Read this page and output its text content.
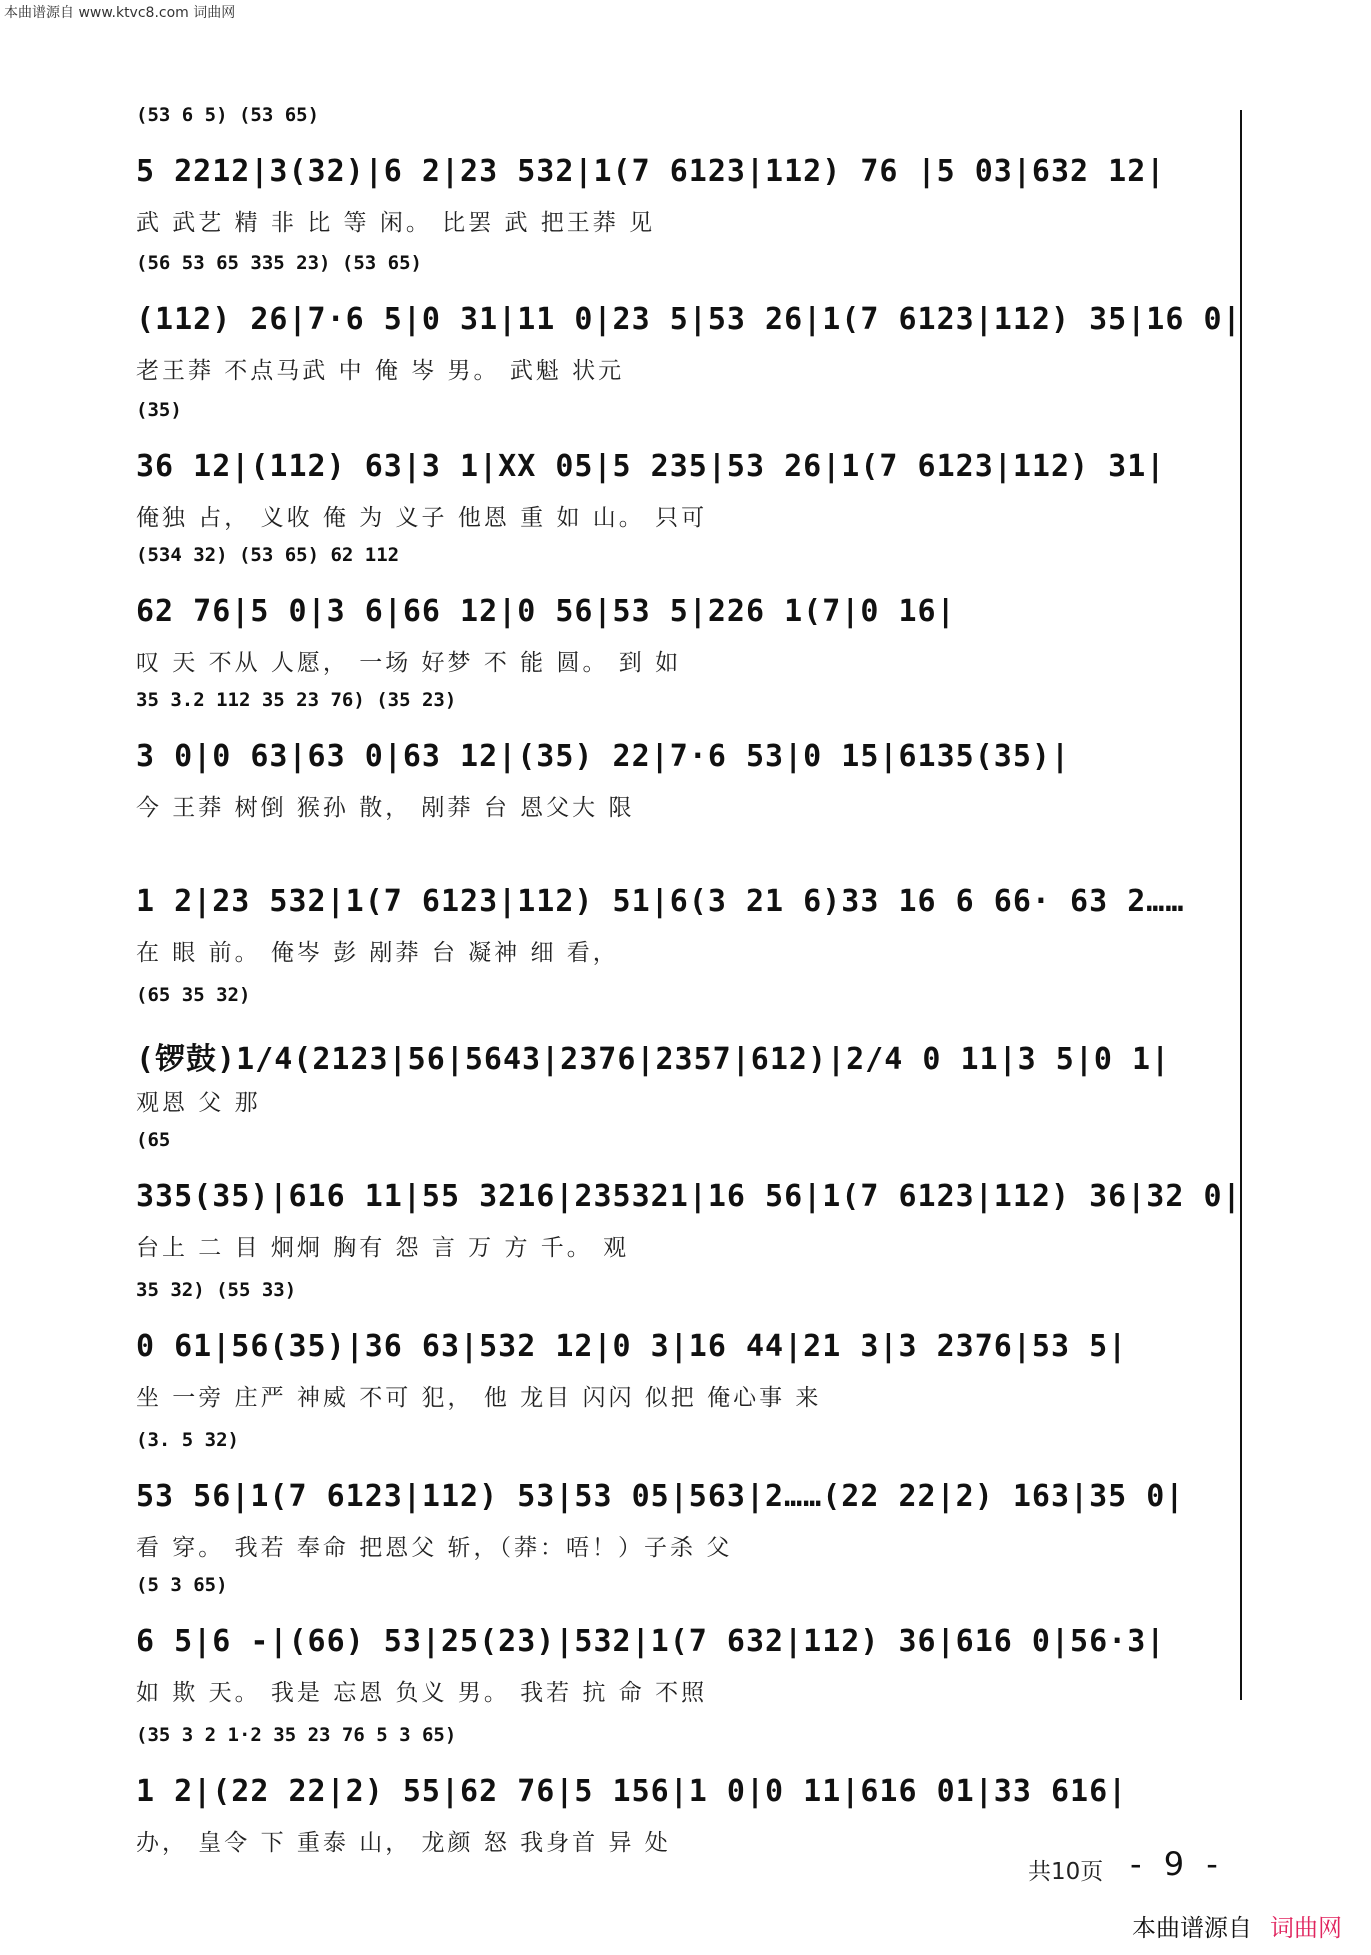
本曲谱源自 www.ktvc8.com 词曲网
(53 6 5) (53 65)
5 2212|3(32)|6 2|23 532|1(7 6123|112) 76 |5 03|632 12|
武 武艺 精 非 比 等 闲。 比罢 武 把王莽 见
(56 53 65 335 23) (53 65)
(112) 26|7·6 5|0 31|11 0|23 5|53 26|1(7 6123|112) 35|16 0|
老王莽 不点马武 中 俺 岑 男。 武魁 状元
(35)
36 12|(112) 63|3 1|XX 05|5 235|53 26|1(7 6123|112) 31|
俺独 占， 义收 俺 为 义子 他恩 重 如 山。 只可
(534 32) (53 65) 62 112
62 76|5 0|3 6|66 12|0 56|53 5|226 1(7|0 16|
叹 天 不从 人愿， 一场 好梦 不 能 圆。 到 如
35 3.2 112 35 23 76) (35 23)
3 0|0 63|63 0|63 12|(35) 22|7·6 53|0 15|6135(35)|
今 王莽 树倒 猴孙 散， 剐莽 台 恩父大 限
1 2|23 532|1(7 6123|112) 51|6(3 21 6)33 16 6 66· 63 2……
在 眼 前。 俺岑 彭 剐莽 台 凝神 细 看，
(65 35 32)
(锣鼓)1/4(2123|56|5643|2376|2357|612)|2/4 0 11|3 5|0 1|
观恩 父 那
(65
335(35)|616 11|55 3216|235321|16 56|1(7 6123|112) 36|32 0|
台上 二 目 炯炯 胸有 怨 言 万 方 千。 观
35 32) (55 33)
0 61|56(35)|36 63|532 12|0 3|16 44|21 3|3 2376|53 5|
坐 一旁 庄严 神威 不可 犯， 他 龙目 闪闪 似把 俺心事 来
(3. 5 32)
53 56|1(7 6123|112) 53|53 05|563|2……(22 22|2) 163|35 0|
看 穿。 我若 奉命 把恩父 斩，（莽：唔！）子杀 父
(5 3 65)
6 5|6 -|(66) 53|25(23)|532|1(7 632|112) 36|616 0|56·3|
如 欺 天。 我是 忘恩 负义 男。 我若 抗 命 不照
(35 3 2 1·2 35 23 76 5 3 65)
1 2|(22 22|2) 55|62 76|5 156|1 0|0 11|616 01|33 616|
办， 皇令 下 重泰 山， 龙颜 怒 我身首 异 处
共10页 - 9 -
本曲谱源自 词曲网
